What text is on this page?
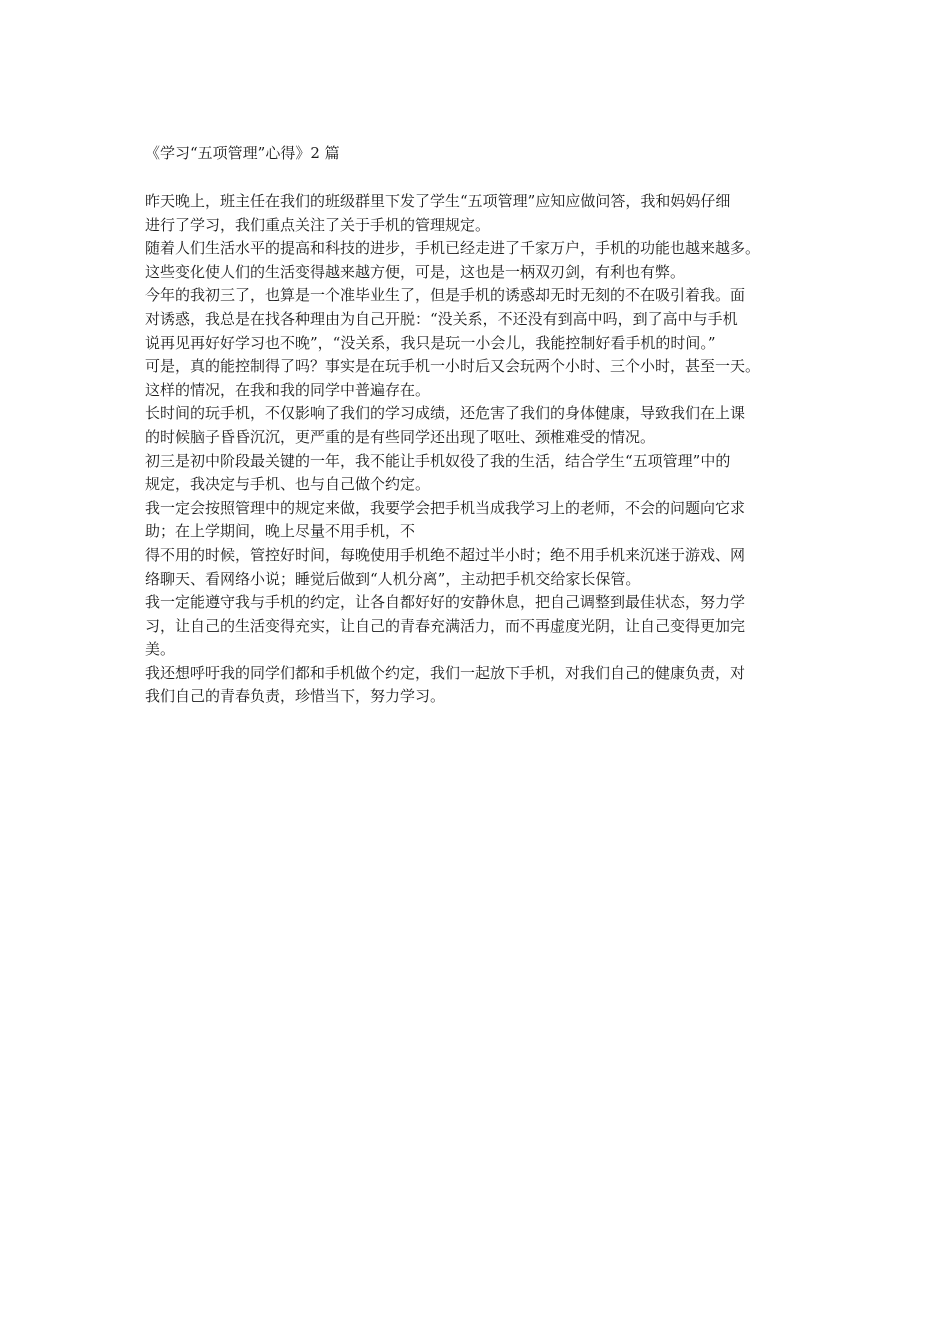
《学习“五项管理”心得》2 篇
昨天晚上，班主任在我们的班级群里下发了学生“五项管理”应知应做问答，我和妈妈仔细
进行了学习，我们重点关注了关于手机的管理规定。
随着人们生活水平的提高和科技的进步，手机已经走进了千家万户，手机的功能也越来越多。
这些变化使人们的生活变得越来越方便，可是，这也是一柄双刃剑，有利也有弊。
今年的我初三了，也算是一个准毕业生了，但是手机的诱惑却无时无刻的不在吸引着我。面
对诱惑，我总是在找各种理由为自己开脱：“没关系，不还没有到高中吗，到了高中与手机
说再见再好好学习也不晚”，“没关系，我只是玩一小会儿，我能控制好看手机的时间。”
可是，真的能控制得了吗？事实是在玩手机一小时后又会玩两个小时、三个小时，甚至一天。
这样的情况，在我和我的同学中普遍存在。
长时间的玩手机，不仅影响了我们的学习成绩，还危害了我们的身体健康，导致我们在上课
的时候脑子昏昏沉沉，更严重的是有些同学还出现了呕吐、颈椎难受的情况。
初三是初中阶段最关键的一年，我不能让手机奴役了我的生活，结合学生“五项管理”中的
规定，我决定与手机、也与自己做个约定。
我一定会按照管理中的规定来做，我要学会把手机当成我学习上的老师，不会的问题向它求
助；在上学期间，晚上尽量不用手机，不
得不用的时候，管控好时间，每晚使用手机绝不超过半小时；绝不用手机来沉迷于游戏、网
络聊天、看网络小说；睡觉后做到“人机分离”，主动把手机交给家长保管。
我一定能遵守我与手机的约定，让各自都好好的安静休息，把自己调整到最佳状态，努力学
习，让自己的生活变得充实，让自己的青春充满活力，而不再虚度光阴，让自己变得更加完
美。
我还想呼吁我的同学们都和手机做个约定，我们一起放下手机，对我们自己的健康负责，对
我们自己的青春负责，珍惜当下，努力学习。
